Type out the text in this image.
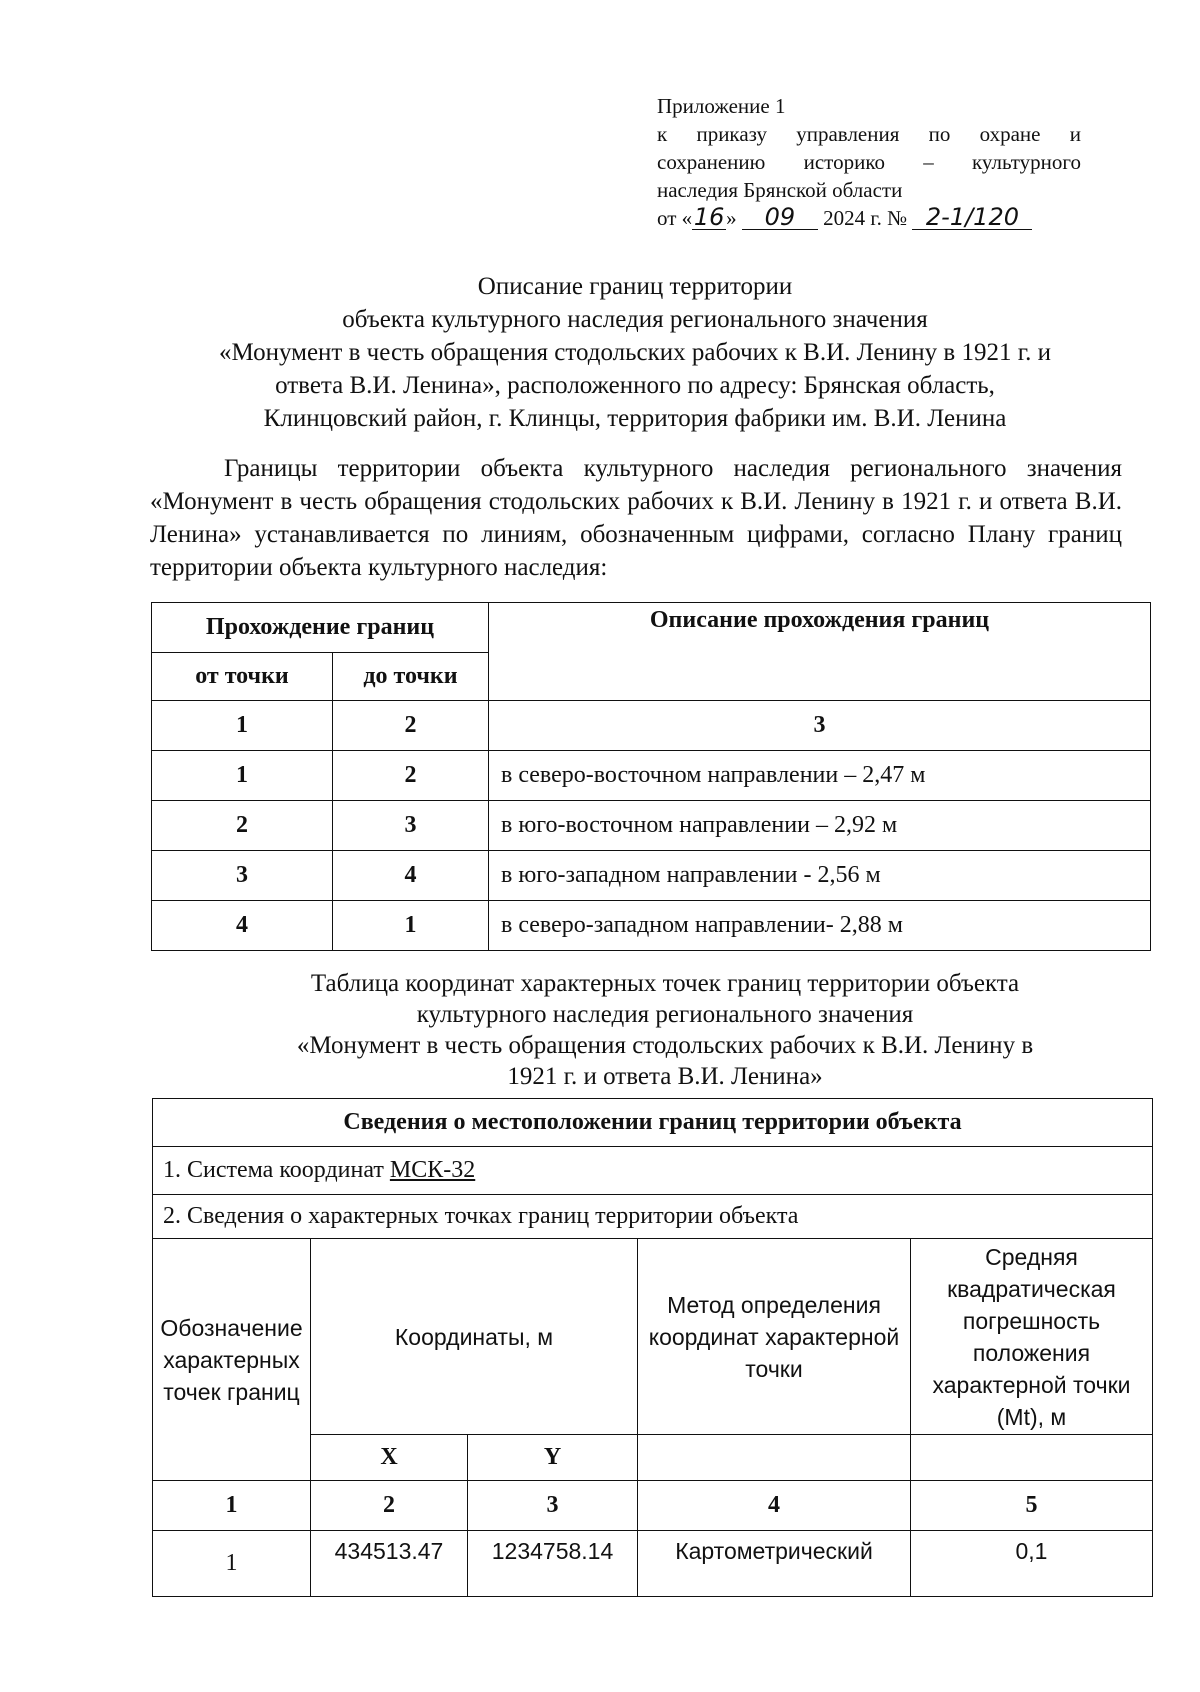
Приложение 1
к приказу управления по охране и
сохранению историко – культурного
наследия Брянской области
от «16» 09 2024 г. № 2-1/120
Описание границ территории
объекта культурного наследия регионального значения
«Монумент в честь обращения стодольских рабочих к В.И. Ленину в 1921 г. и
ответа В.И. Ленина», расположенного по адресу: Брянская область,
Клинцовский район, г. Клинцы, территория фабрики им. В.И. Ленина
Границы территории объекта культурного наследия регионального значения «Монумент в честь обращения стодольских рабочих к В.И. Ленину в 1921 г. и ответа В.И. Ленина» устанавливается по линиям, обозначенным цифрами, согласно Плану границ территории объекта культурного наследия:
Прохождение границ		Описание прохождения границ
от точки	до точки	
1	2	3
1	2	в северо-восточном направлении – 2,47 м
2	3	в юго-восточном направлении – 2,92 м
3	4	в юго-западном направлении - 2,56 м
4	1	в северо-западном направлении- 2,88 м
Таблица координат характерных точек границ территории объекта
культурного наследия регионального значения
«Монумент в честь обращения стодольских рабочих к В.И. Ленину в
1921 г. и ответа В.И. Ленина»
Сведения о местоположении границ территории объекта				
1. Система координат МСК-32				
2. Сведения о характерных точках границ территории объекта				
Обозначение характерных точек границ	Координаты, м		Метод определения координат характерной точки	Средняя квадратическая погрешность положения характерной точки (Mt), м
	X	Y		
1	2	3	4	5
1	434513.47	1234758.14	Картометрический	0,1
